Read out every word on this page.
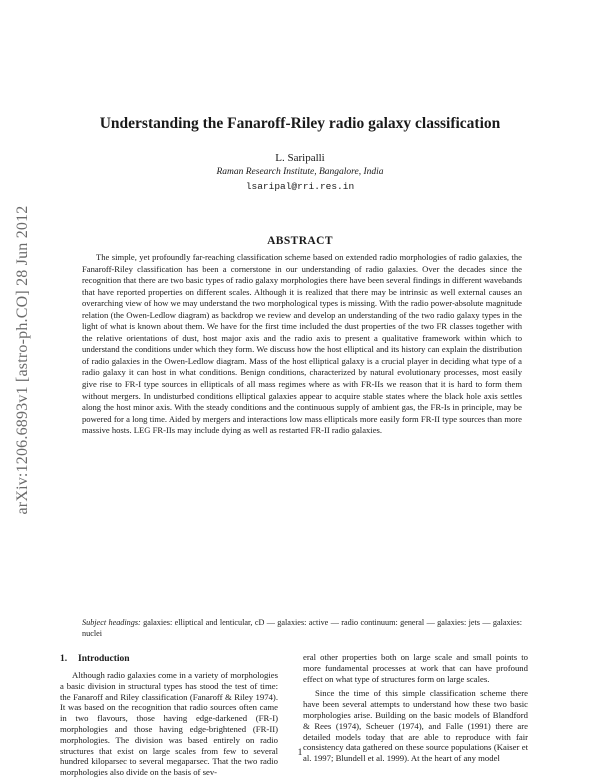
arXiv:1206.6893v1 [astro-ph.CO] 28 Jun 2012
Understanding the Fanaroff-Riley radio galaxy classification

L. Saripalli

Raman Research Institute, Bangalore, India

lsaripal@rri.res.in

ABSTRACT

The simple, yet profoundly far-reaching classification scheme based on extended radio morphologies of radio galaxies, the Fanaroff-Riley classification has been a cornerstone in our understanding of radio galaxies. Over the decades since the recognition that there are two basic types of radio galaxy morphologies there have been several findings in different wavebands that have reported properties on different scales. Although it is realized that there may be intrinsic as well external causes an overarching view of how we may understand the two morphological types is missing. With the radio power-absolute magnitude relation (the Owen-Ledlow diagram) as backdrop we review and develop an understanding of the two radio galaxy types in the light of what is known about them. We have for the first time included the dust properties of the two FR classes together with the relative orientations of dust, host major axis and the radio axis to present a qualitative framework within which to understand the conditions under which they form. We discuss how the host elliptical and its history can explain the distribution of radio galaxies in the Owen-Ledlow diagram. Mass of the host elliptical galaxy is a crucial player in deciding what type of a radio galaxy it can host in what conditions. Benign conditions, characterized by natural evolutionary processes, most easily give rise to FR-I type sources in ellipticals of all mass regimes where as with FR-IIs we reason that it is hard to form them without mergers. In undisturbed conditions elliptical galaxies appear to acquire stable states where the black hole axis settles along the host minor axis. With the steady conditions and the continuous supply of ambient gas, the FR-Is in principle, may be powered for a long time. Aided by mergers and interactions low mass ellipticals more easily form FR-II type sources than more massive hosts. LEG FR-IIs may include dying as well as restarted FR-II radio galaxies.

Subject headings: galaxies: elliptical and lenticular, cD — galaxies: active — radio continuum: general — galaxies: jets — galaxies: nuclei

1. Introduction

Although radio galaxies come in a variety of morphologies a basic division in structural types has stood the test of time: the Fanaroff and Riley classification (Fanaroff & Riley 1974). It was based on the recognition that radio sources often came in two flavours, those having edge-darkened (FR-I) morphologies and those having edge-brightened (FR-II) morphologies. The division was based entirely on radio structures that exist on large scales from few to several hundred kiloparsec to several megaparsec. That the two radio morphologies also divide on the basis of sev-

eral other properties both on large scale and small points to more fundamental processes at work that can have profound effect on what type of structures form on large scales.

Since the time of this simple classification scheme there have been several attempts to understand how these two basic morphologies arise. Building on the basic models of Blandford & Rees (1974), Scheuer (1974), and Falle (1991) there are detailed models today that are able to reproduce with fair consistency data gathered on these source populations (Kaiser et al. 1997; Blundell et al. 1999). At the heart of any model

1
